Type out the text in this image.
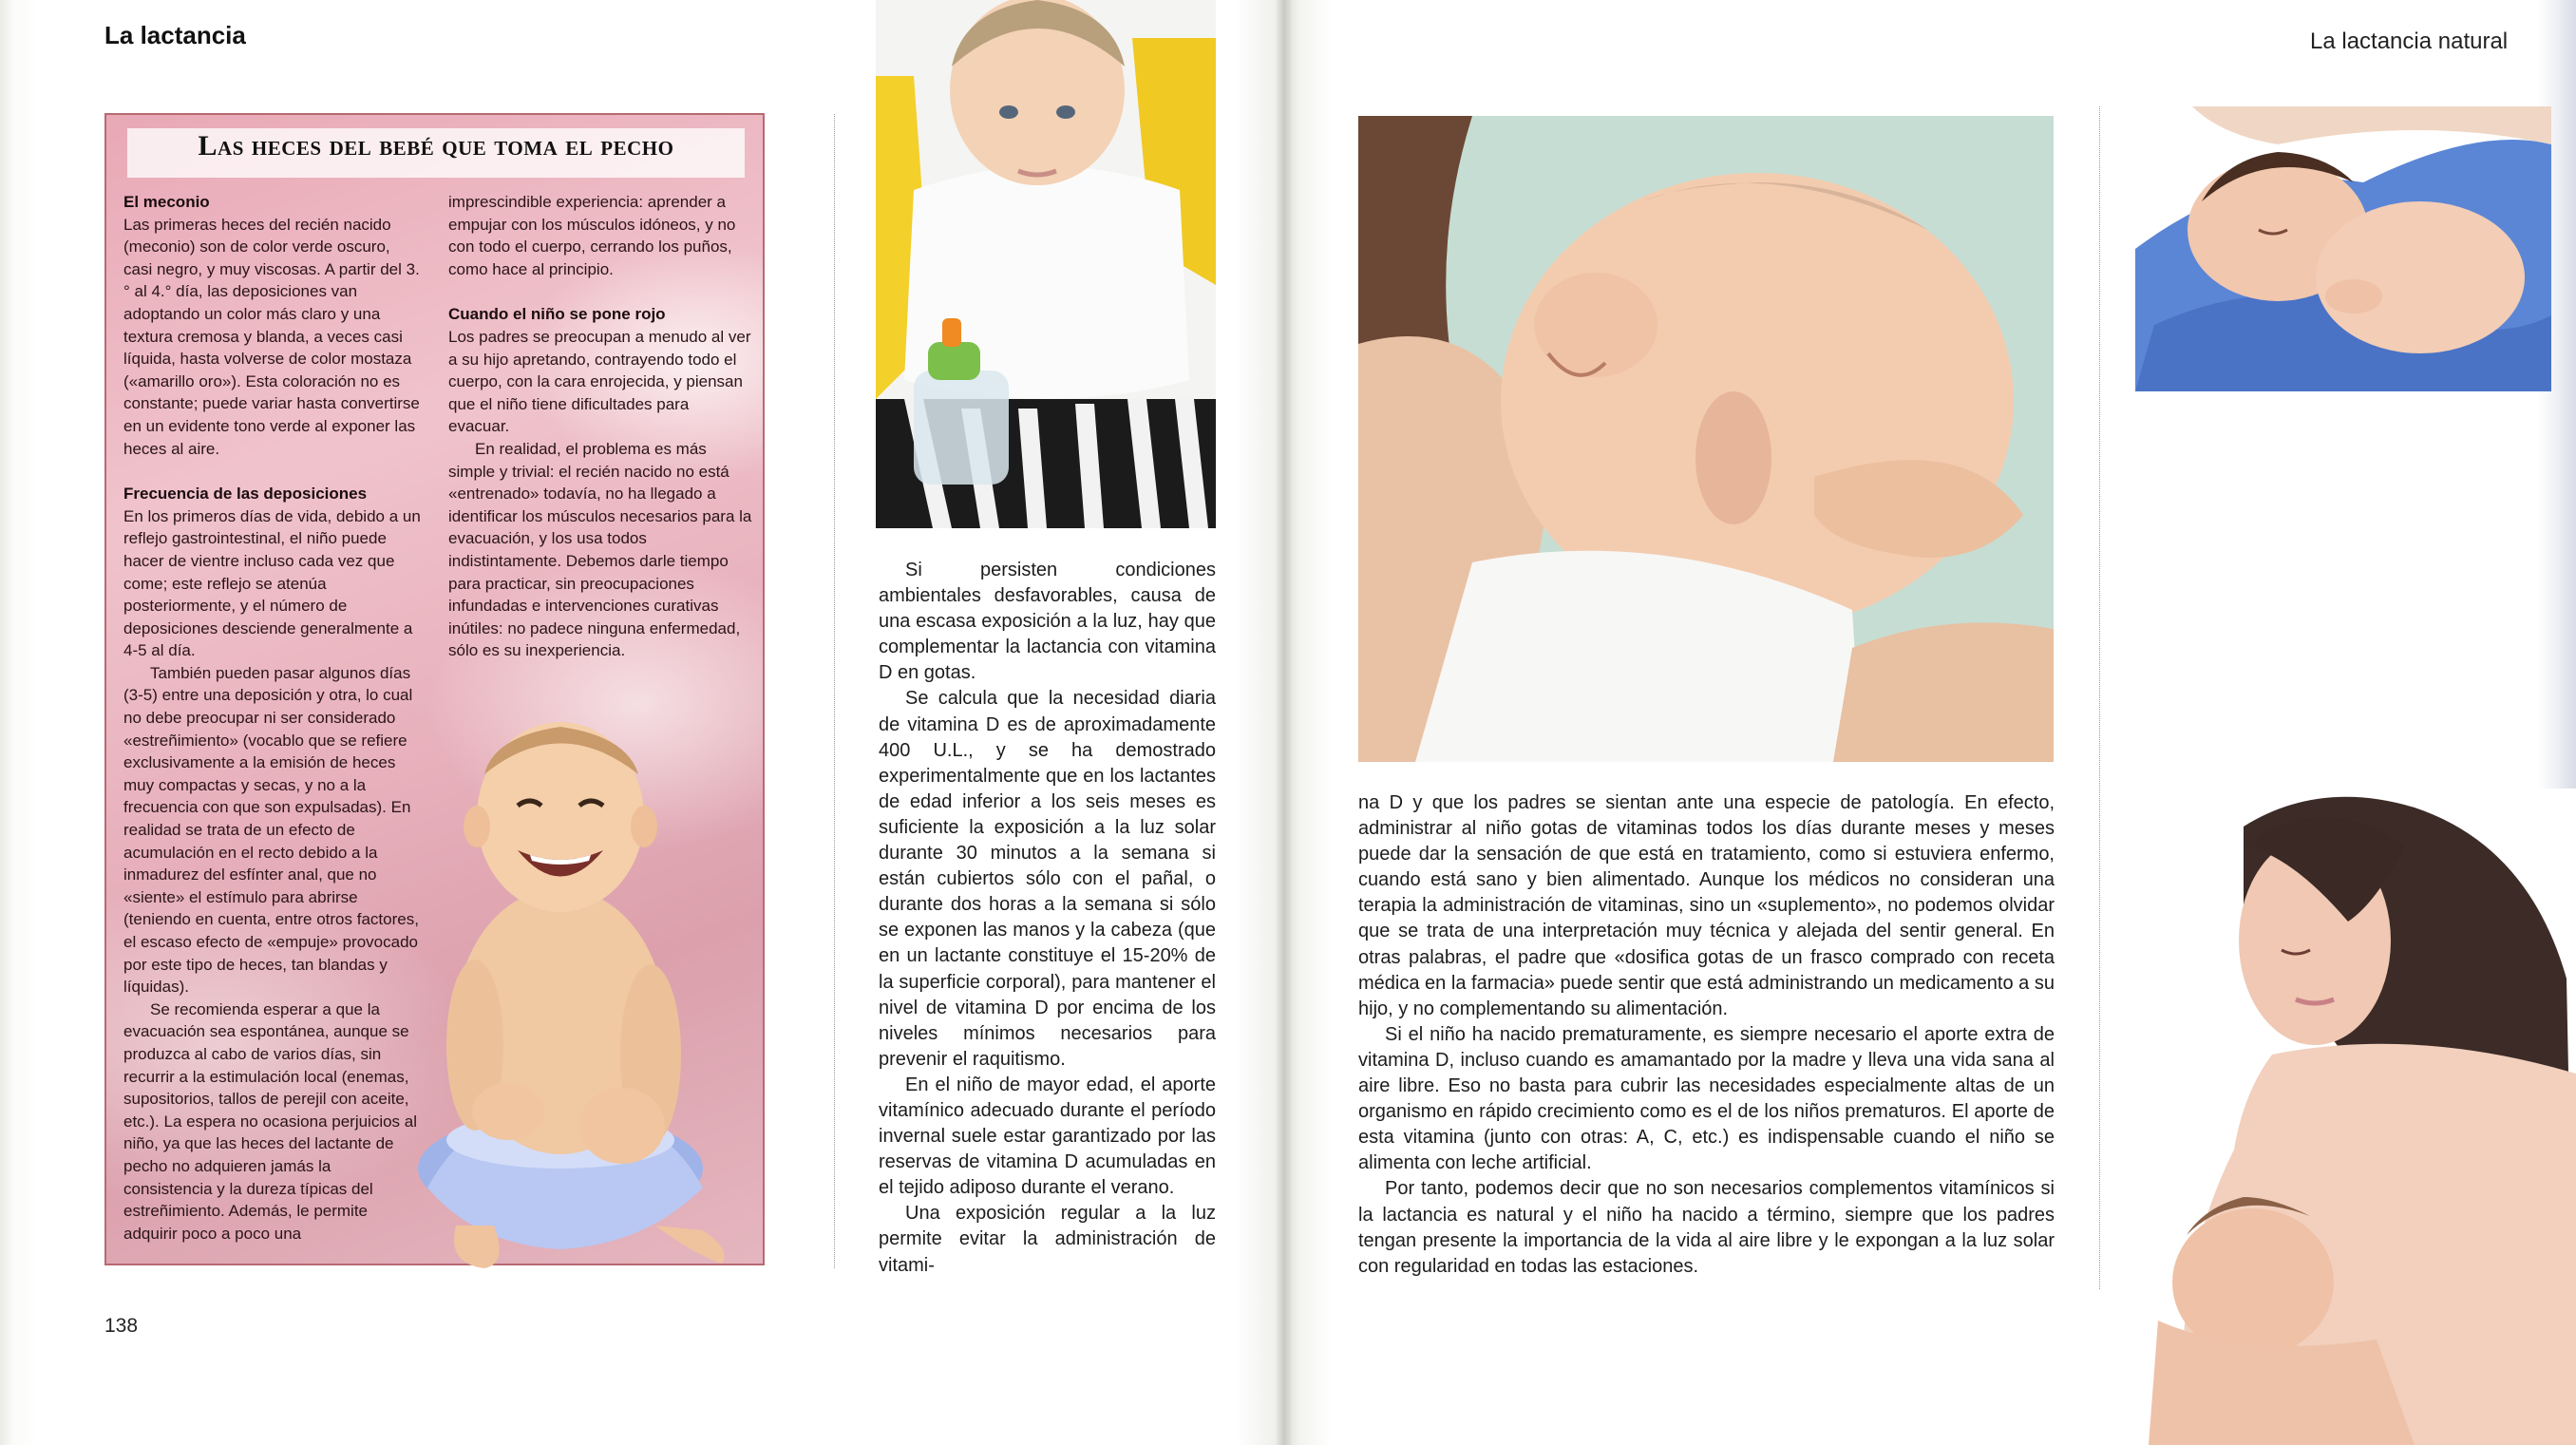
La lactancia	La lactancia natural
138
Las heces del bebé que toma el pecho
El meconio

Las primeras heces del recién nacido (meconio) son de color verde oscuro, casi negro, y muy viscosas. A partir del 3.° al 4.° día, las deposiciones van adoptando un color más claro y una textura cremosa y blanda, a veces casi líquida, hasta volverse de color mostaza («amarillo oro»). Esta coloración no es constante; puede variar hasta convertirse en un evidente tono verde al exponer las heces al aire.

Frecuencia de las deposiciones

En los primeros días de vida, debido a un reflejo gastrointestinal, el niño puede hacer de vientre incluso cada vez que come; este reflejo se atenúa posteriormente, y el número de deposiciones desciende generalmente a 4-5 al día.

También pueden pasar algunos días (3-5) entre una deposición y otra, lo cual no debe preocupar ni ser considerado «estreñimiento» (vocablo que se refiere exclusivamente a la emisión de heces muy compactas y secas, y no a la frecuencia con que son expulsadas). En realidad se trata de un efecto de acumulación en el recto debido a la inmadurez del esfínter anal, que no «siente» el estímulo para abrirse (teniendo en cuenta, entre otros factores, el escaso efecto de «empuje» provocado por este tipo de heces, tan blandas y líquidas).

Se recomienda esperar a que la evacuación sea espontánea, aunque se produzca al cabo de varios días, sin recurrir a la estimulación local (enemas, supositorios, tallos de perejil con aceite, etc.). La espera no ocasiona perjuicios al niño, ya que las heces del lactante de pecho no adquieren jamás la consistencia y la dureza típicas del estreñimiento. Además, le permite adquirir poco a poco una

imprescindible experiencia: aprender a empujar con los músculos idóneos, y no con todo el cuerpo, cerrando los puños, como hace al principio.

Cuando el niño se pone rojo

Los padres se preocupan a menudo al ver a su hijo apretando, contrayendo todo el cuerpo, con la cara enrojecida, y piensan que el niño tiene dificultades para evacuar.

En realidad, el problema es más simple y trivial: el recién nacido no está «entrenado» todavía, no ha llegado a identificar los músculos necesarios para la evacuación, y los usa todos indistintamente. Debemos darle tiempo para practicar, sin preocupaciones infundadas e intervenciones curativas inútiles: no padece ninguna enfermedad, sólo es su inexperiencia.

Si persisten condiciones ambientales desfavorables, causa de una escasa exposición a la luz, hay que complementar la lactancia con vitamina D en gotas.

Se calcula que la necesidad diaria de vitamina D es de aproximadamente 400 U.L., y se ha demostrado experimentalmente que en los lactantes de edad inferior a los seis meses es suficiente la exposición a la luz solar durante 30 minutos a la semana si están cubiertos sólo con el pañal, o durante dos horas a la semana si sólo se exponen las manos y la cabeza (que en un lactante constituye el 15-20% de la superficie corporal), para mantener el nivel de vitamina D por encima de los niveles mínimos necesarios para prevenir el raquitismo.

En el niño de mayor edad, el aporte vitamínico adecuado durante el período invernal suele estar garantizado por las reservas de vitamina D acumuladas en el tejido adiposo durante el verano.

Una exposición regular a la luz permite evitar la administración de vitami-

na D y que los padres se sientan ante una especie de patología. En efecto, administrar al niño gotas de vitaminas todos los días durante meses y meses puede dar la sensación de que está en tratamiento, como si estuviera enfermo, cuando está sano y bien alimentado. Aunque los médicos no consideran una terapia la administración de vitaminas, sino un «suplemento», no podemos olvidar que se trata de una interpretación muy técnica y alejada del sentir general. En otras palabras, el padre que «dosifica gotas de un frasco comprado con receta médica en la farmacia» puede sentir que está administrando un medicamento a su hijo, y no complementando su alimentación.

Si el niño ha nacido prematuramente, es siempre necesario el aporte extra de vitamina D, incluso cuando es amamantado por la madre y lleva una vida sana al aire libre. Eso no basta para cubrir las necesidades especialmente altas de un organismo en rápido crecimiento como es el de los niños prematuros. El aporte de esta vitamina (junto con otras: A, C, etc.) es indispensable cuando el niño se alimenta con leche artificial.

Por tanto, podemos decir que no son necesarios complementos vitamínicos si la lactancia es natural y el niño ha nacido a término, siempre que los padres tengan presente la importancia de la vida al aire libre y le expongan a la luz solar con regularidad en todas las estaciones.
